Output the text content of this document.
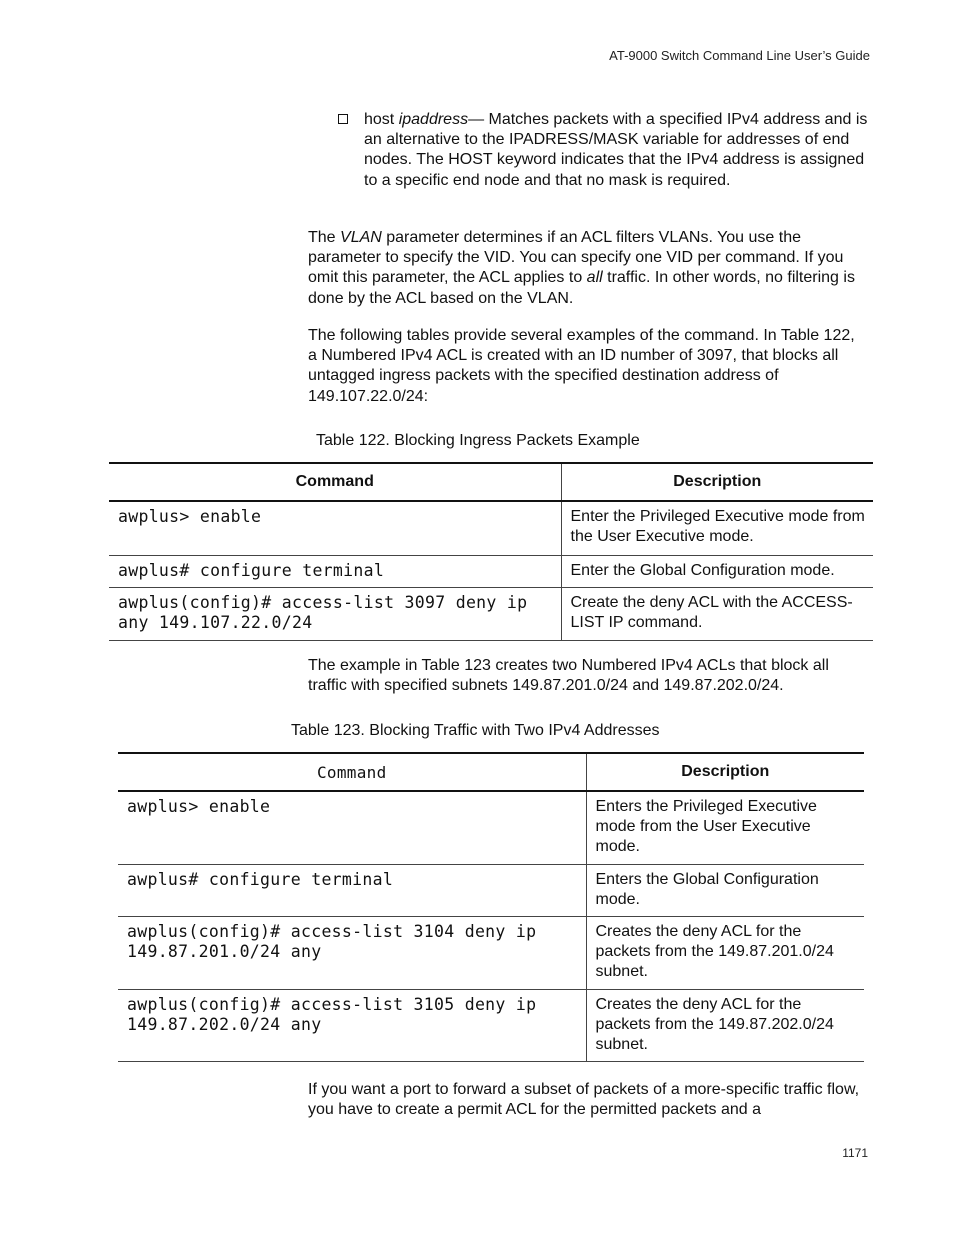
AT-9000 Switch Command Line User’s Guide
host ipaddress— Matches packets with a specified IPv4 address and is an alternative to the IPADRESS/MASK variable for addresses of end nodes. The HOST keyword indicates that the IPv4 address is assigned to a specific end node and that no mask is required.

The VLAN parameter determines if an ACL filters VLANs. You use the parameter to specify the VID. You can specify one VID per command. If you omit this parameter, the ACL applies to all traffic. In other words, no filtering is done by the ACL based on the VLAN.

The following tables provide several examples of the command. In Table 122, a Numbered IPv4 ACL is created with an ID number of 3097, that blocks all untagged ingress packets with the specified destination address of 149.107.22.0/24:

Table 122. Blocking Ingress Packets Example
Command	Description

awplus> enable	Enter the Privileged Executive mode from the User Executive mode.

awplus# configure terminal	Enter the Global Configuration mode.

awplus(config)# access-list 3097 deny ip
any 149.107.22.0/24	Create the deny ACL with the ACCESS-LIST IP command.

The example in Table 123 creates two Numbered IPv4 ACLs that block all traffic with specified subnets 149.87.201.0/24 and 149.87.202.0/24.

Table 123. Blocking Traffic with Two IPv4 Addresses
Command	Description

awplus> enable	Enters the Privileged Executive mode from the User Executive mode.

awplus# configure terminal	Enters the Global Configuration mode.

awplus(config)# access-list 3104 deny ip
149.87.201.0/24 any	Creates the deny ACL for the packets from the 149.87.201.0/24 subnet.

awplus(config)# access-list 3105 deny ip
149.87.202.0/24 any	Creates the deny ACL for the packets from the 149.87.202.0/24 subnet.

If you want a port to forward a subset of packets of a more-specific traffic flow, you have to create a permit ACL for the permitted packets and a

1171
